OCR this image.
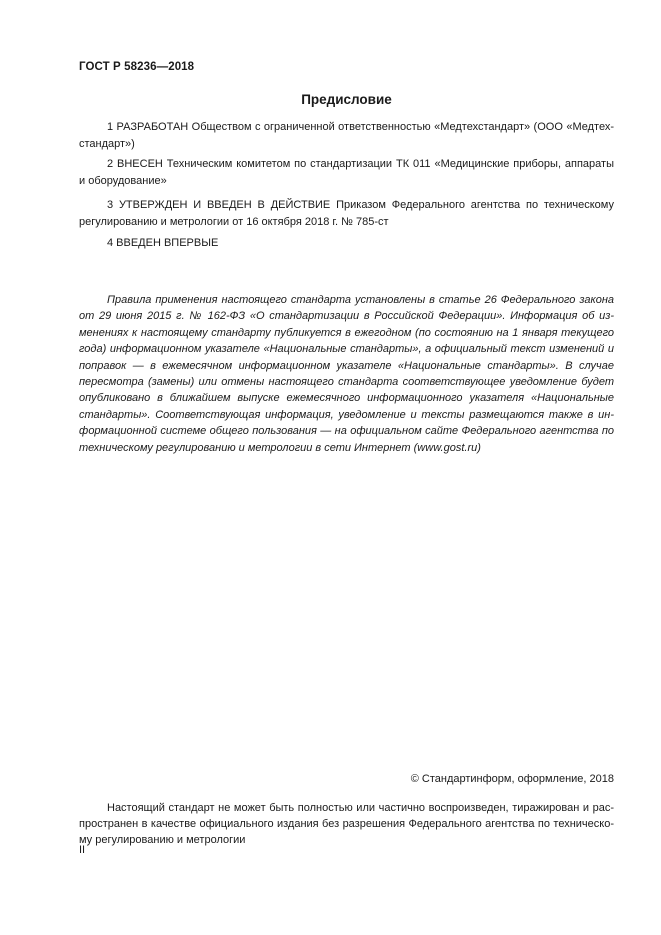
ГОСТ Р 58236—2018
Предисловие

1 РАЗРАБОТАН Обществом с ограниченной ответственностью «Медтехстандарт» (ООО «Медтехстандарт»)

2 ВНЕСЕН Техническим комитетом по стандартизации ТК 011 «Медицинские приборы, аппараты и оборудование»

3 УТВЕРЖДЕН И ВВЕДЕН В ДЕЙСТВИЕ Приказом Федерального агентства по техническому регулированию и метрологии от 16 октября 2018 г. № 785-ст

4 ВВЕДЕН ВПЕРВЫЕ

Правила применения настоящего стандарта установлены в статье 26 Федерального закона от 29 июня 2015 г. № 162-ФЗ «О стандартизации в Российской Федерации». Информация об изменениях к настоящему стандарту публикуется в ежегодном (по состоянию на 1 января текущего года) информационном указателе «Национальные стандарты», а официальный текст изменений и поправок — в ежемесячном информационном указателе «Национальные стандарты». В случае пересмотра (замены) или отмены настоящего стандарта соответствующее уведомление будет опубликовано в ближайшем выпуске ежемесячного информационного указателя «Национальные стандарты». Соответствующая информация, уведомление и тексты размещаются также в информационной системе общего пользования — на официальном сайте Федерального агентства по техническому регулированию и метрологии в сети Интернет (www.gost.ru)

© Стандартинформ, оформление, 2018

Настоящий стандарт не может быть полностью или частично воспроизведен, тиражирован и распространен в качестве официального издания без разрешения Федерального агентства по техническому регулированию и метрологии

II
